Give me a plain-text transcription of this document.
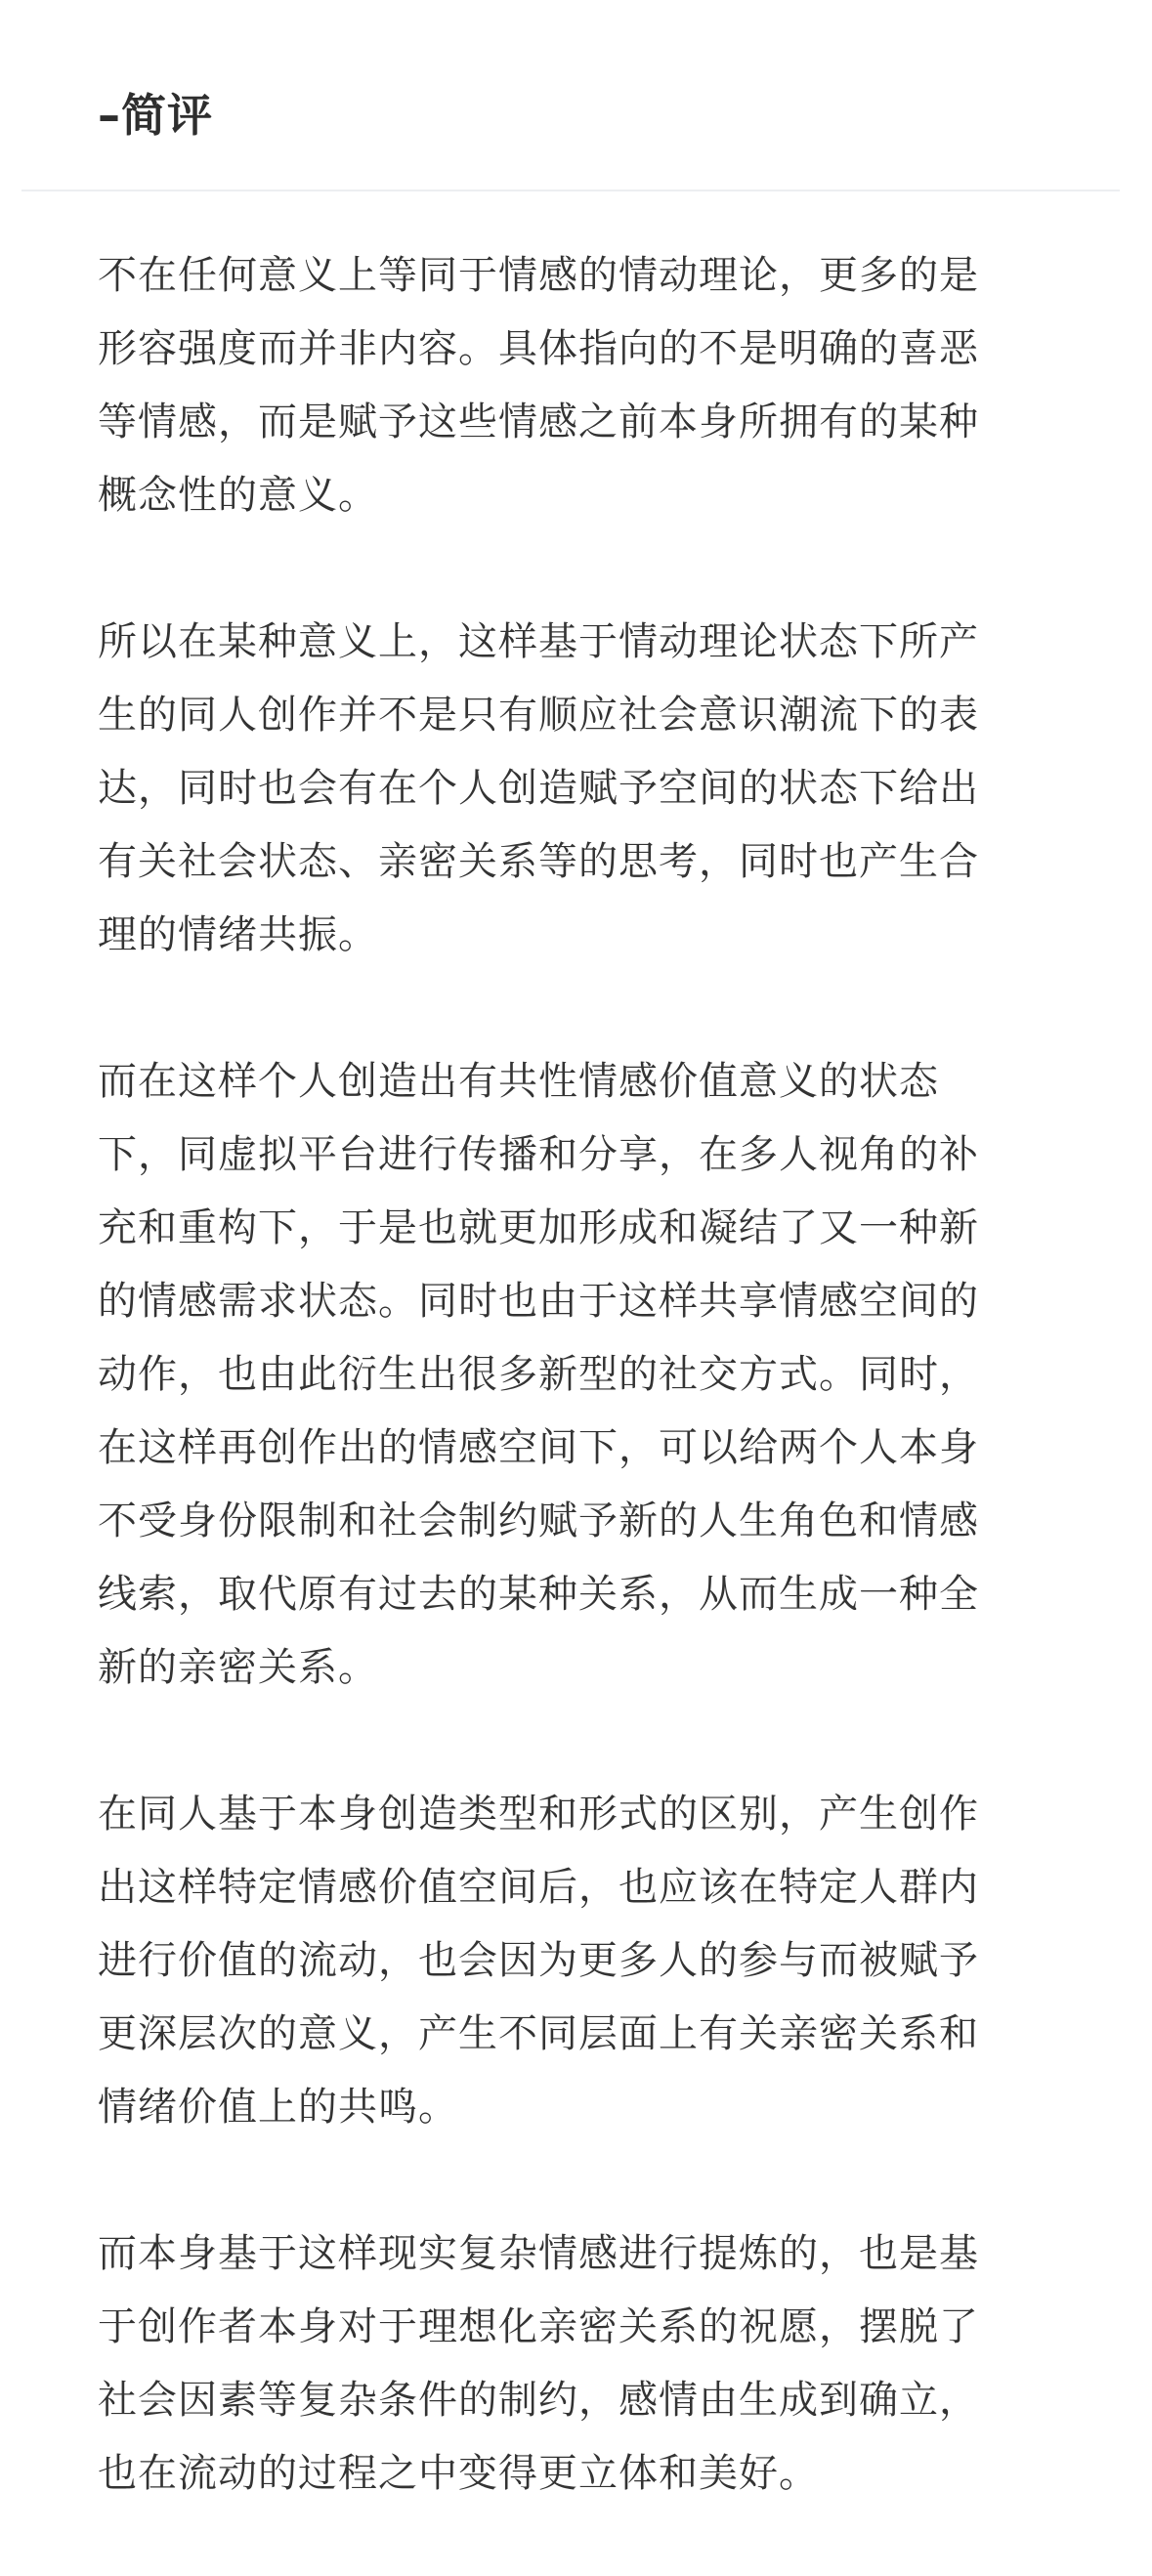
–简评

不在任何意义上等同于情感的情动理论，更多的是
形容强度而并非内容。具体指向的不是明确的喜恶
等情感，而是赋予这些情感之前本身所拥有的某种
概念性的意义。

所以在某种意义上，这样基于情动理论状态下所产
生的同人创作并不是只有顺应社会意识潮流下的表
达，同时也会有在个人创造赋予空间的状态下给出
有关社会状态、亲密关系等的思考，同时也产生合
理的情绪共振。

而在这样个人创造出有共性情感价值意义的状态
下，同虚拟平台进行传播和分享，在多人视角的补
充和重构下，于是也就更加形成和凝结了又一种新
的情感需求状态。同时也由于这样共享情感空间的
动作，也由此衍生出很多新型的社交方式。同时，
在这样再创作出的情感空间下，可以给两个人本身
不受身份限制和社会制约赋予新的人生角色和情感
线索，取代原有过去的某种关系，从而生成一种全
新的亲密关系。

在同人基于本身创造类型和形式的区别，产生创作
出这样特定情感价值空间后，也应该在特定人群内
进行价值的流动，也会因为更多人的参与而被赋予
更深层次的意义，产生不同层面上有关亲密关系和
情绪价值上的共鸣。

而本身基于这样现实复杂情感进行提炼的，也是基
于创作者本身对于理想化亲密关系的祝愿，摆脱了
社会因素等复杂条件的制约，感情由生成到确立，
也在流动的过程之中变得更立体和美好。
